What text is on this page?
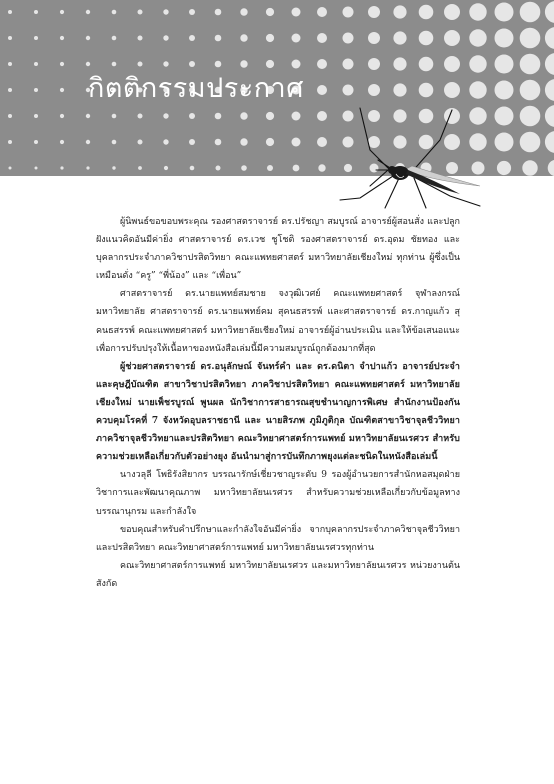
กิตติกรรมประกาศ

ผู้นิพนธ์ขอขอบพระคุณ รองศาสตราจารย์ ดร.ปรัชญา สมบูรณ์ อาจารย์ผู้สอนสั่ง และปลูกฝังแนวคิดอันมีค่ายิ่ง ศาสตราจารย์ ดร.เวช ชูโชติ รองศาสตราจารย์ ดร.อุดม ชัยทอง และบุคลากรประจำภาควิชาปรสิตวิทยา คณะแพทยศาสตร์ มหาวิทยาลัยเชียงใหม่ ทุกท่าน ผู้ซึ่งเป็นเหมือนดั่ง “ครู” “พี่น้อง” และ “เพื่อน”

ศาสตราจารย์ ดร.นายแพทย์สมชาย จงวุฒิเวศย์ คณะแพทยศาสตร์ จุฬาลงกรณ์มหาวิทยาลัย ศาสตราจารย์ ดร.นายแพทย์คม สุคนธสรรพ์ และศาสตราจารย์ ดร.กาญแก้ว สุคนธสรรพ์ คณะแพทยศาสตร์ มหาวิทยาลัยเชียงใหม่ อาจารย์ผู้อ่านประเมิน และให้ข้อเสนอแนะ เพื่อการปรับปรุงให้เนื้อหาของหนังสือเล่มนี้มีความสมบูรณ์ถูกต้องมากที่สุด

ผู้ช่วยศาสตราจารย์ ดร.อนุลักษณ์ จันทร์คำ และ ดร.ดนิตา จำปาแก้ว อาจารย์ประจำ และคุษฎีบัณฑิต สาขาวิชาปรสิตวิทยา ภาควิชาปรสิตวิทยา คณะแพทยศาสตร์ มหาวิทยาลัยเชียงใหม่ นายเพ็ชรบูรณ์ พูนผล นักวิชาการสาธารณสุขชำนาญการพิเศษ สำนักงานป้องกันควบคุมโรคที่ 7 จังหวัดอุบลราชธานี และ นายสิรภพ ภูมิภูติกุล บัณฑิตสาขาวิชาจุลชีววิทยา ภาควิชาจุลชีววิทยาและปรสิตวิทยา คณะวิทยาศาสตร์การแพทย์ มหาวิทยาลัยนเรศวร สำหรับความช่วยเหลือเกี่ยวกับตัวอย่างยุง อันนำมาสู่การบันทึกภาพยุงแต่ละชนิดในหนังสือเล่มนี้

นางวลุลี โพธิรังสิยากร บรรณารักษ์เชี่ยวชาญระดับ 9 รองผู้อำนวยการสำนักหอสมุดฝ่ายวิชาการและพัฒนาคุณภาพ มหาวิทยาลัยนเรศวร สำหรับความช่วยเหลือเกี่ยวกับข้อมูลทางบรรณานุกรม และกำลังใจ

ขอบคุณสำหรับคำปรึกษาและกำลังใจอันมีค่ายิ่ง จากบุคลากรประจำภาควิชาจุลชีววิทยาและปรสิตวิทยา คณะวิทยาศาสตร์การแพทย์ มหาวิทยาลัยนเรศวรทุกท่าน

คณะวิทยาศาสตร์การแพทย์ มหาวิทยาลัยนเรศวร และมหาวิทยาลัยนเรศวร หน่วยงานต้นสังกัด
